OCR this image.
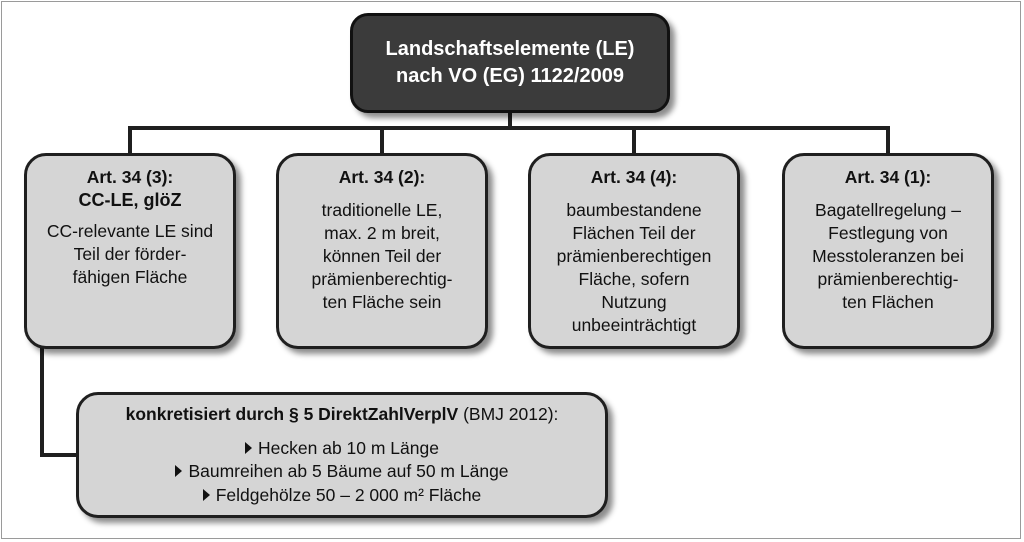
Landschaftselemente (LE)
nach VO (EG) 1122/2009
Art. 34 (3):
CC-LE, glöZ
CC-relevante LE sind
Teil der förder-
fähigen Fläche
Art. 34 (2):
traditionelle LE,
max. 2 m breit,
können Teil der
prämienberechtig-
ten Fläche sein
Art. 34 (4):
baumbestandene
Flächen Teil der
prämienberechtigen
Fläche, sofern
Nutzung
unbeeinträchtigt
Art. 34 (1):
Bagatellregelung –
Festlegung von
Messtoleranzen bei
prämienberechtig-
ten Flächen
konkretisiert durch § 5 DirektZahlVerplV (BMJ 2012):
Hecken ab 10 m Länge
Baumreihen ab 5 Bäume auf 50 m Länge
Feldgehölze 50 – 2 000 m² Fläche
